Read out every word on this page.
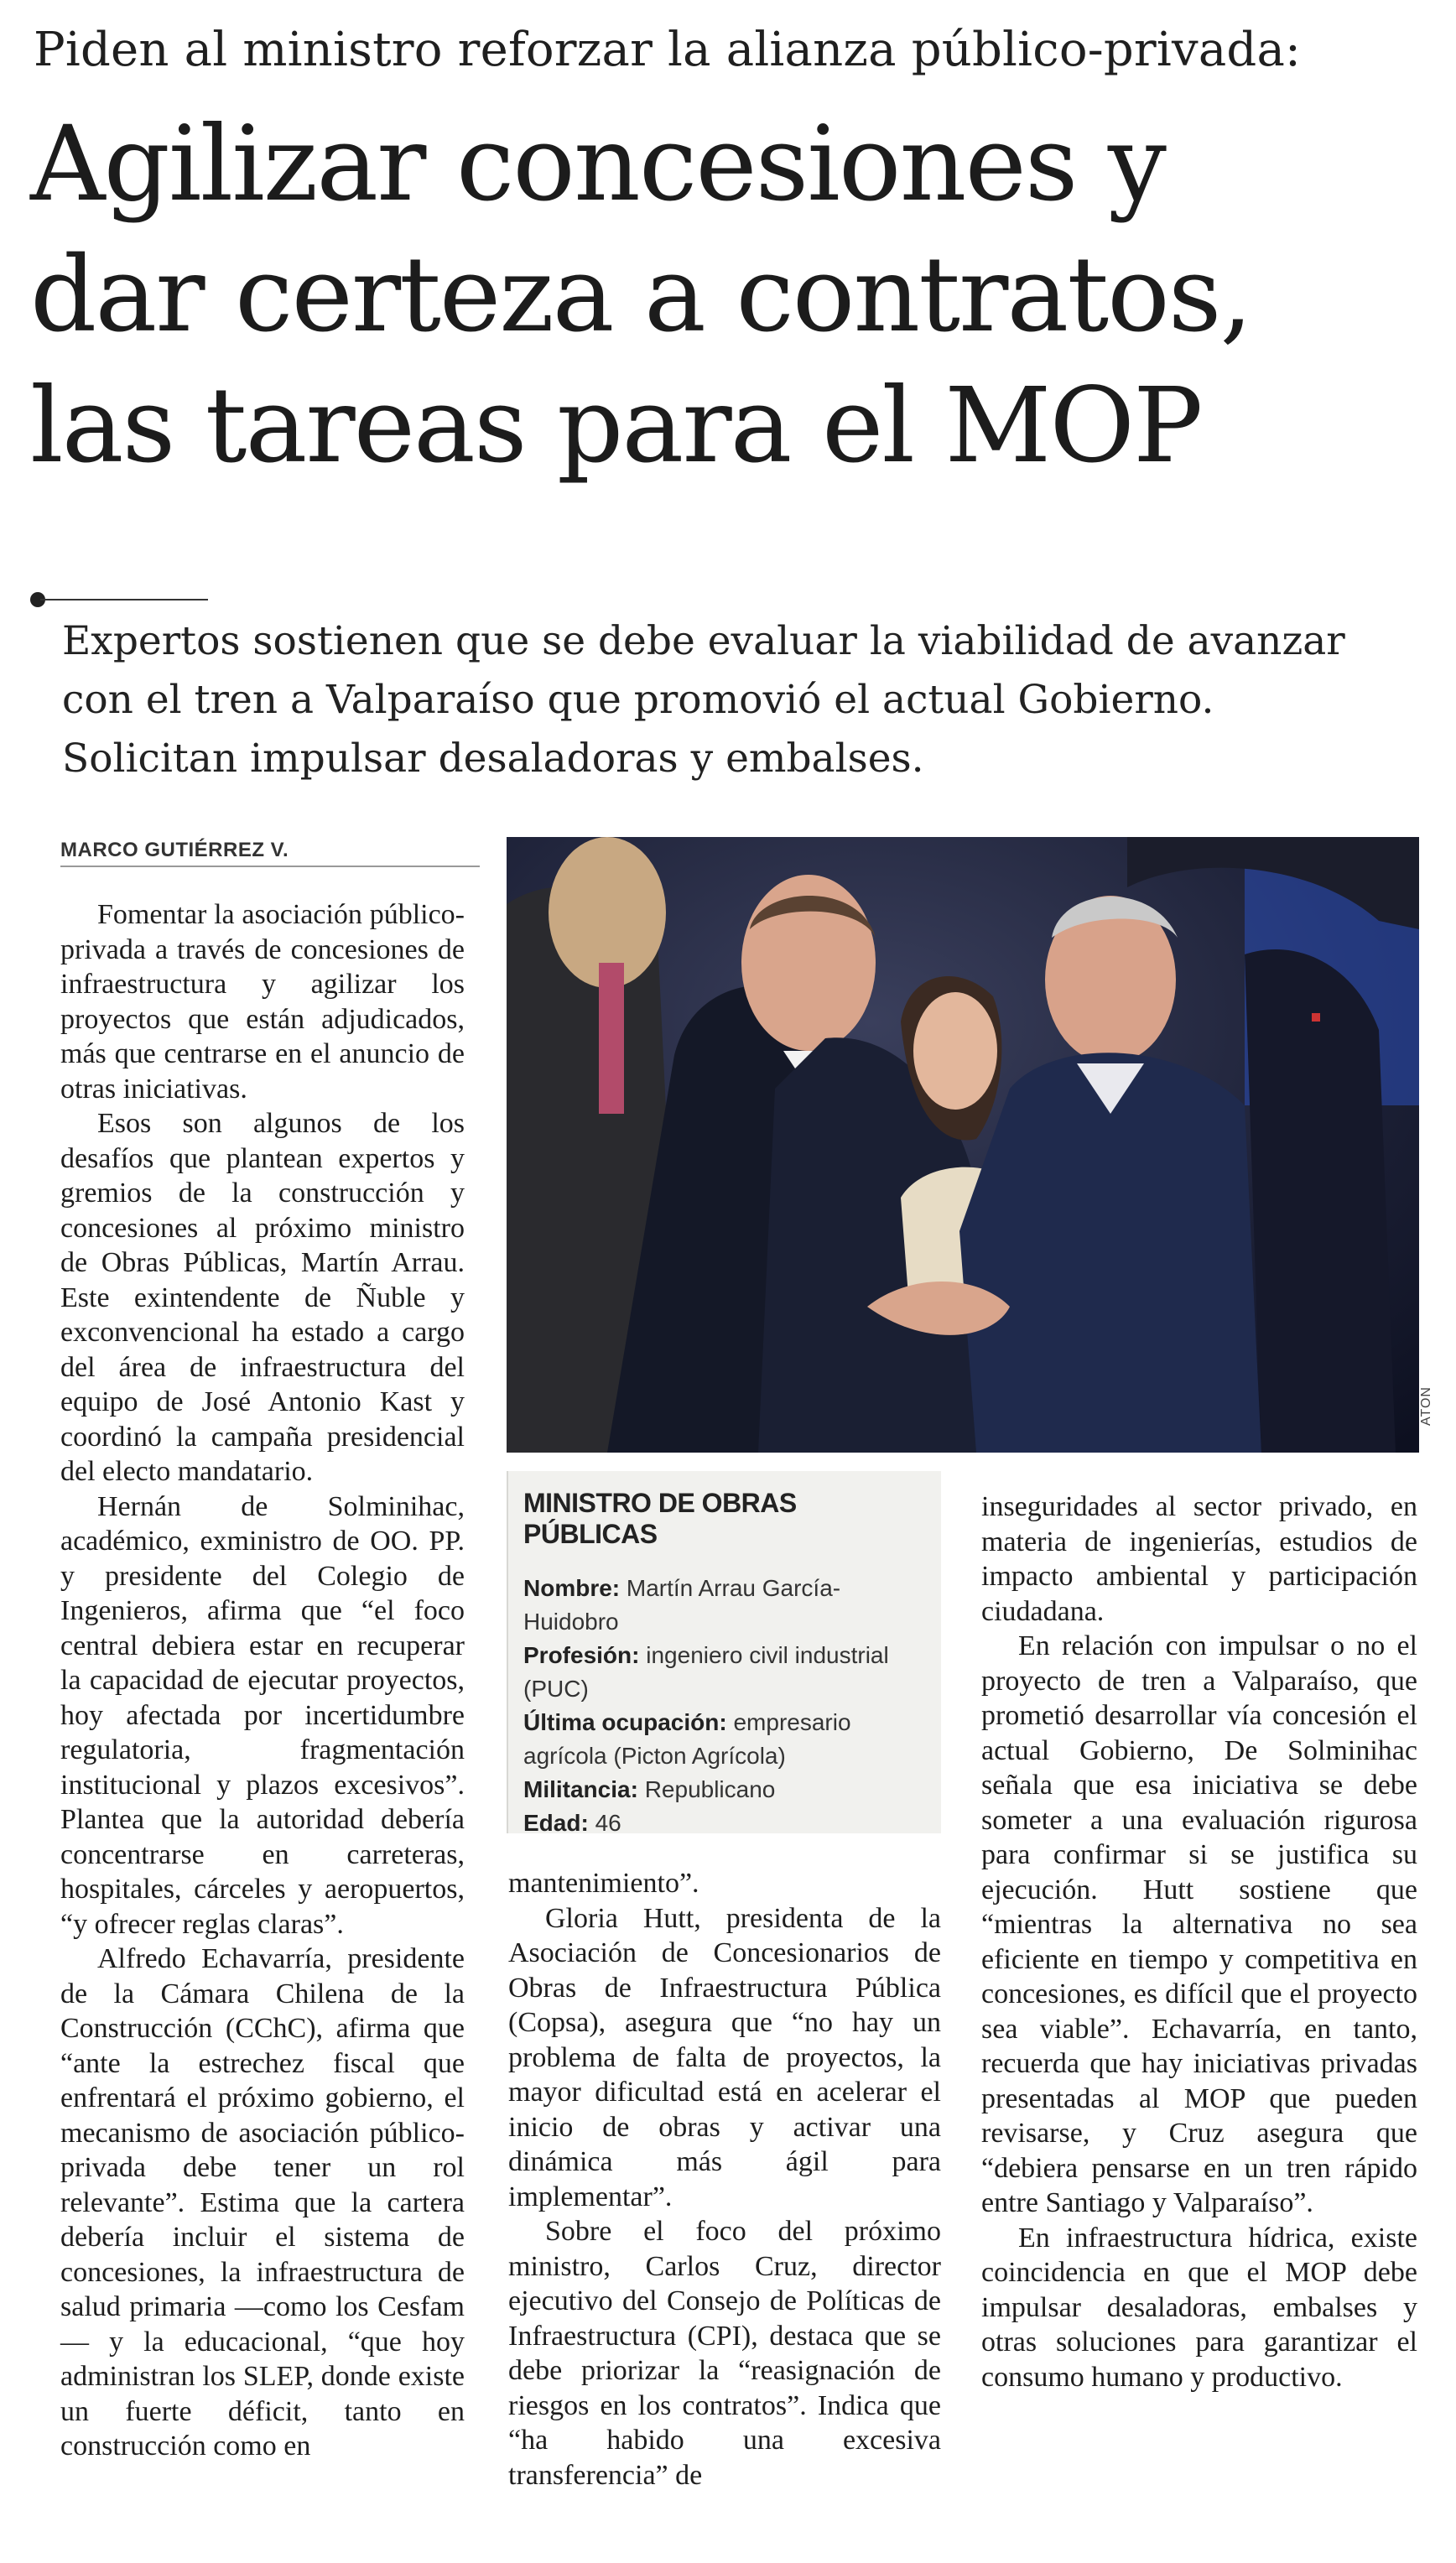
Piden al ministro reforzar la alianza público-privada:
Agilizar concesiones y
dar certeza a contratos,
las tareas para el MOP
Expertos sostienen que se debe evaluar la viabilidad de avanzar con el tren a Valparaíso que promovió el actual Gobierno. Solicitan impulsar desaladoras y embalses.
MARCO GUTIÉRREZ V.

Fomentar la asociación público-privada a través de concesiones de infraestructura y agilizar los proyectos que están adjudicados, más que centrarse en el anuncio de otras iniciativas.

Esos son algunos de los desafíos que plantean expertos y gremios de la construcción y concesiones al próximo ministro de Obras Públicas, Martín Arrau. Este exintendente de Ñuble y exconvencional ha estado a cargo del área de infraestructura del equipo de José Antonio Kast y coordinó la campaña presidencial del electo mandatario.

Hernán de Solminihac, académico, exministro de OO. PP. y presidente del Colegio de Ingenieros, afirma que “el foco central debiera estar en recuperar la capacidad de ejecutar proyectos, hoy afectada por incertidumbre regulatoria, fragmentación institucional y plazos excesivos”. Plantea que la autoridad debería concentrarse en carreteras, hospitales, cárceles y aeropuertos, “y ofrecer reglas claras”.

Alfredo Echavarría, presidente de la Cámara Chilena de la Construcción (CChC), afirma que “ante la estrechez fiscal que enfrentará el próximo gobierno, el mecanismo de asociación público-privada debe tener un rol relevante”. Estima que la cartera debería incluir el sistema de concesiones, la infraestructura de salud primaria —como los Cesfam— y la educacional, “que hoy administran los SLEP, donde existe un fuerte déficit, tanto en construcción como en

ATON
MINISTRO DE OBRAS PÚBLICAS
Nombre: Martín Arrau García-Huidobro
Profesión: ingeniero civil industrial (PUC)
Última ocupación: empresario agrícola (Picton Agrícola)
Militancia: Republicano
Edad: 46

mantenimiento”.

Gloria Hutt, presidenta de la Asociación de Concesionarios de Obras de Infraestructura Pública (Copsa), asegura que “no hay un problema de falta de proyectos, la mayor dificultad está en acelerar el inicio de obras y activar una dinámica más ágil para implementar”.

Sobre el foco del próximo ministro, Carlos Cruz, director ejecutivo del Consejo de Políticas de Infraestructura (CPI), destaca que se debe priorizar la “reasignación de riesgos en los contratos”. Indica que “ha habido una excesiva transferencia” de

inseguridades al sector privado, en materia de ingenierías, estudios de impacto ambiental y participación ciudadana.

En relación con impulsar o no el proyecto de tren a Valparaíso, que prometió desarrollar vía concesión el actual Gobierno, De Solminihac señala que esa iniciativa se debe someter a una evaluación rigurosa para confirmar si se justifica su ejecución. Hutt sostiene que “mientras la alternativa no sea eficiente en tiempo y competitiva en concesiones, es difícil que el proyecto sea viable”. Echavarría, en tanto, recuerda que hay iniciativas privadas presentadas al MOP que pueden revisarse, y Cruz asegura que “debiera pensarse en un tren rápido entre Santiago y Valparaíso”.

En infraestructura hídrica, existe coincidencia en que el MOP debe impulsar desaladoras, embalses y otras soluciones para garantizar el consumo humano y productivo.
